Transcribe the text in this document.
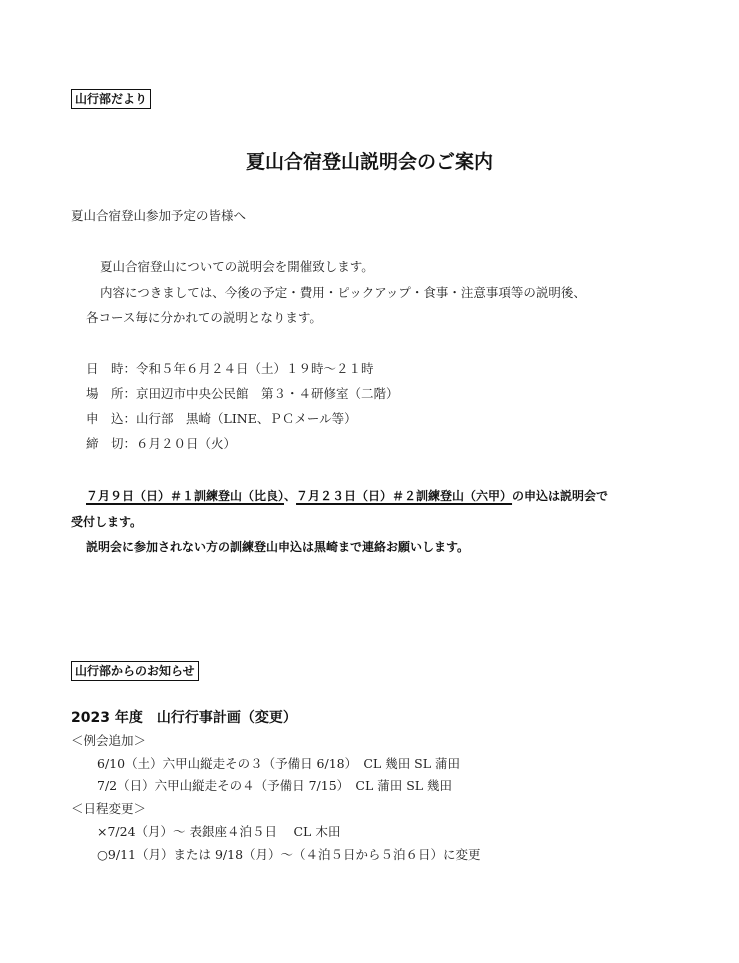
山行部だより
夏山合宿登山説明会のご案内
夏山合宿登山参加予定の皆様へ
夏山合宿登山についての説明会を開催致します。
内容につきましては、今後の予定・費用・ピックアップ・食事・注意事項等の説明後、
各コース毎に分かれての説明となります。
日　時：令和５年６月２４日（土）１９時～２１時
場　所：京田辺市中央公民館　第３・４研修室（二階）
申　込：山行部　黒崎（LINE、ＰＣメール等）
締　切：６月２０日（火）
７月９日（日）＃１訓練登山（比良）、７月２３日（日）＃２訓練登山（六甲）の申込は説明会で
受付します。
説明会に参加されない方の訓練登山申込は黒崎まで連絡お願いします。
山行部からのお知らせ
2023 年度　山行行事計画（変更）
＜例会追加＞
6/10（土）六甲山縦走その３（予備日 6/18）　CL 幾田 SL 蒲田
7/2（日）六甲山縦走その４（予備日 7/15）　CL 蒲田 SL 幾田
＜日程変更＞
×7/24（月）～ 表銀座４泊５日　 CL 木田
○9/11（月）または 9/18（月）～（４泊５日から５泊６日）に変更
